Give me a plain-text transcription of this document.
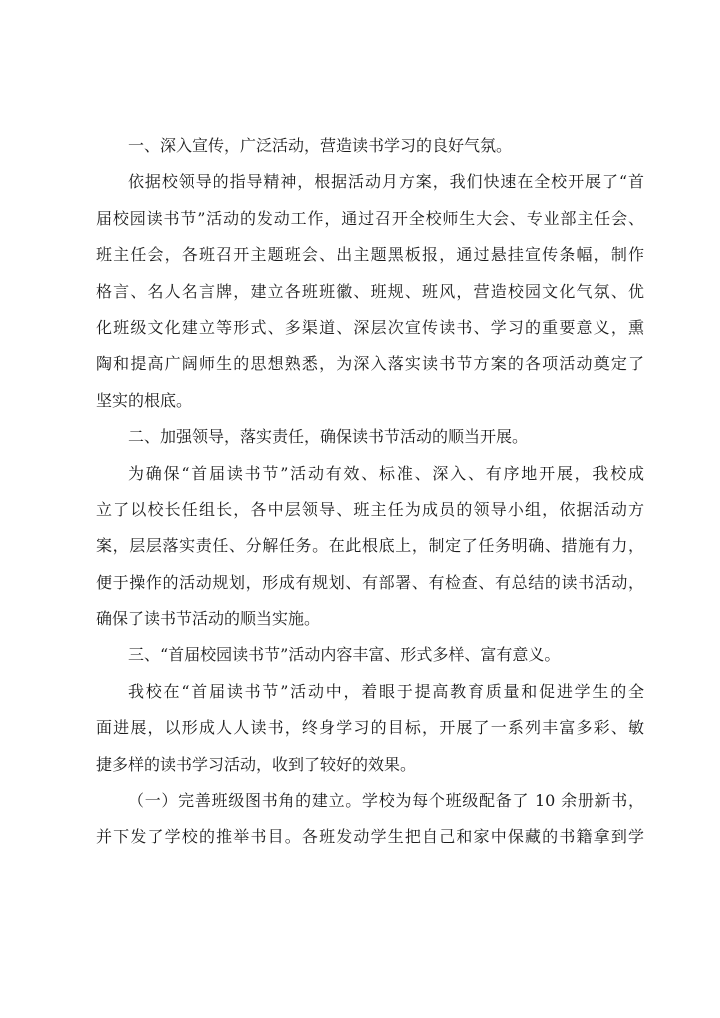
一、深入宣传，广泛活动，营造读书学习的良好气氛。
依据校领导的指导精神，根据活动月方案，我们快速在全校开展了“首
届校园读书节”活动的发动工作，通过召开全校师生大会、专业部主任会、
班主任会，各班召开主题班会、出主题黑板报，通过悬挂宣传条幅，制作
格言、名人名言牌，建立各班班徽、班规、班风，营造校园文化气氛、优
化班级文化建立等形式、多渠道、深层次宣传读书、学习的重要意义，熏
陶和提高广阔师生的思想熟悉，为深入落实读书节方案的各项活动奠定了
坚实的根底。
二、加强领导，落实责任，确保读书节活动的顺当开展。
为确保“首届读书节”活动有效、标准、深入、有序地开展，我校成
立了以校长任组长，各中层领导、班主任为成员的领导小组，依据活动方
案，层层落实责任、分解任务。在此根底上，制定了任务明确、措施有力，
便于操作的活动规划，形成有规划、有部署、有检查、有总结的读书活动，
确保了读书节活动的顺当实施。
三、“首届校园读书节”活动内容丰富、形式多样、富有意义。
我校在“首届读书节”活动中，着眼于提高教育质量和促进学生的全
面进展，以形成人人读书，终身学习的目标，开展了一系列丰富多彩、敏
捷多样的读书学习活动，收到了较好的效果。
（一）完善班级图书角的建立。学校为每个班级配备了 10 余册新书，
并下发了学校的推举书目。各班发动学生把自己和家中保藏的书籍拿到学
